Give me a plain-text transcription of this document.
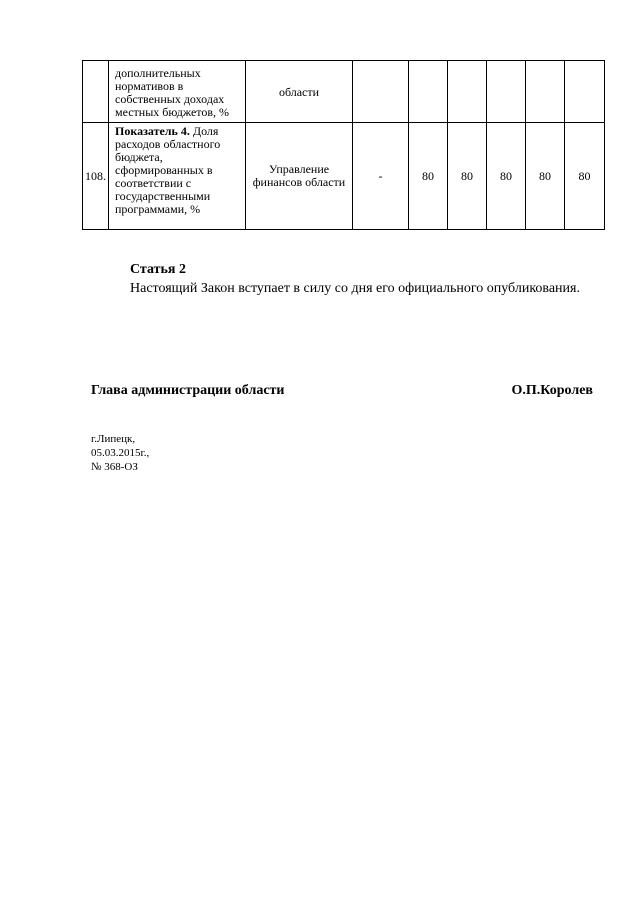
	дополнительных нормативов в собственных доходах местных бюджетов, %	области						
108.	Показатель 4. Доля расходов областного бюджета, сформированных в соответствии с государственными программами, %	Управление финансов области	-	80	80	80	80	80
Статья 2
Настоящий Закон вступает в силу со дня его официального опубликования.
Глава администрации области	О.П.Королев
г.Липецк,
05.03.2015г.,
№ 368-ОЗ
